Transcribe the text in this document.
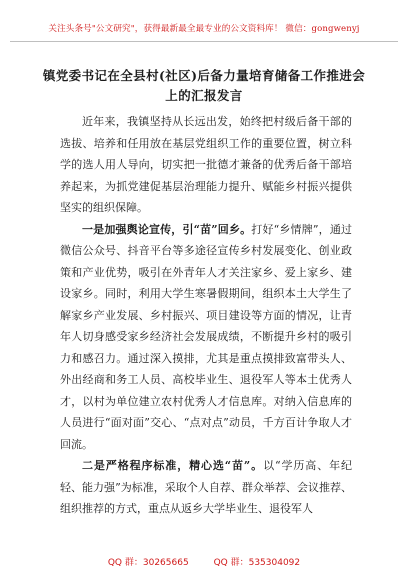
关注头条号"公文研究"，获得最新最全最专业的公文资料库！ 微信：gongwenyj
镇党委书记在全县村(社区)后备力量培育储备工作推进会上的汇报发言

近年来，我镇坚持从长远出发，始终把村级后备干部的选拔、培养和任用放在基层党组织工作的重要位置，树立科学的选人用人导向，切实把一批德才兼备的优秀后备干部培养起来，为抓党建促基层治理能力提升、赋能乡村振兴提供坚实的组织保障。

一是加强舆论宣传，引“苗”回乡。打好“乡情牌”，通过微信公众号、抖音平台等多途径宣传乡村发展变化、创业政策和产业优势，吸引在外青年人才关注家乡、爱上家乡、建设家乡。同时，利用大学生寒暑假期间，组织本土大学生了解家乡产业发展、乡村振兴、项目建设等方面的情况，让青年人切身感受家乡经济社会发展成绩，不断提升乡村的吸引力和感召力。通过深入摸排，尤其是重点摸排致富带头人、外出经商和务工人员、高校毕业生、退役军人等本土优秀人才，以村为单位建立农村优秀人才信息库。对纳入信息库的人员进行“面对面”交心、“点对点”动员，千方百计争取人才回流。

二是严格程序标准，精心选“苗”。以“学历高、年纪轻、能力强”为标准，采取个人自荐、群众举荐、会议推荐、组织推荐的方式，重点从返乡大学毕业生、退役军人

QQ 群：30265665	QQ 群：535304092
